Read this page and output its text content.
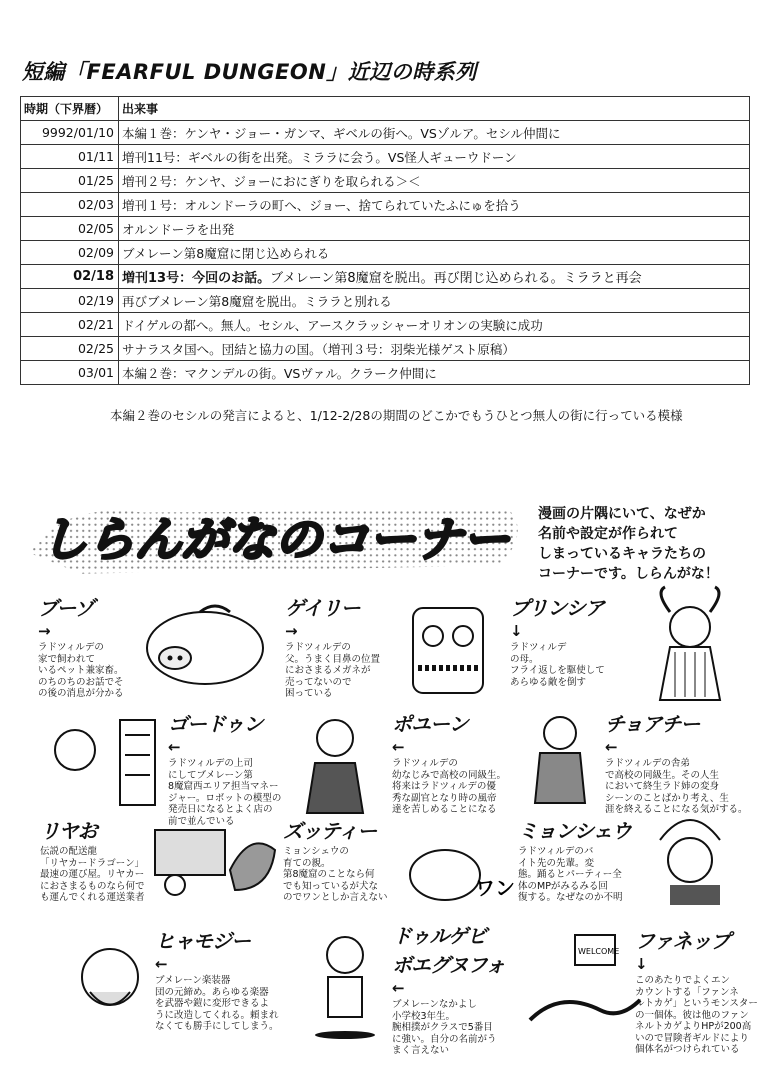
短編「FEARFUL DUNGEON」近辺の時系列
時期（下界暦）	出来事
9992/01/10	本編１巻：ケンヤ・ジョー・ガンマ、ギベルの街へ。VSゾルア。セシル仲間に
01/11	増刊11号：ギベルの街を出発。ミララに会う。VS怪人ギューウドーン
01/25	増刊２号：ケンヤ、ジョーにおにぎりを取られる＞＜
02/03	増刊１号：オルンドーラの町へ、ジョー、捨てられていたふにゅを拾う
02/05	オルンドーラを出発
02/09	ブメレーン第8魔窟に閉じ込められる
02/18	増刊13号：今回のお話。ブメレーン第8魔窟を脱出。再び閉じ込められる。ミララと再会
02/19	再びブメレーン第8魔窟を脱出。ミララと別れる
02/21	ドイゲルの都へ。無人。セシル、アースクラッシャーオリオンの実験に成功
02/25	サナラスタ国へ。団結と協力の国。（増刊３号：羽柴光様ゲスト原稿）
03/01	本編２巻：マクンデルの街。VSヴァル。クラーク仲間に
本編２巻のセシルの発言によると、1/12-2/28の期間のどこかでもうひとつ無人の街に行っている模様
しらんがなのコーナー 漫画の片隅にいて、なぜか
名前や設定が作られて
しまっているキャラたちの
コーナーです。しらんがな！
ワン
WELCOME
ブーゾ
→
ラドツィルデの
家で飼われて
いるペット兼家畜。
のちのちのお話でそ
の後の消息が分かる
ゲイリー
→
ラドツィルデの
父。うまく目鼻の位置
におさまるメガネが
売ってないので
困っている
プリンシア
↓
ラドツィルデ
の母。
フライ返しを駆使して
あらゆる敵を倒す
ゴードゥン
←
ラドツィルデの上司
にしてブメレーン第
8魔窟西エリア担当マネー
ジャー。ロボットの模型の
発売日になるとよく店の
前で並んでいる
ポユーン
←
ラドツィルデの
幼なじみで高校の同級生。
将来はラドツィルデの優
秀な副官となり時の風帝
達を苦しめることになる
チョアチー
←
ラドツィルデの舎弟
で高校の同級生。その人生
において終生ラド姉の変身
シーンのことばかり考え、生
涯を終えることになる気がする。
リヤお
伝説の配送龍
「リヤカードラゴーン」
最速の運び屋。リヤカー
におさまるものなら何で
も運んでくれる運送業者
ズッティー
ミョンシェウの
育ての親。
第8魔窟のことなら何
でも知っているが犬な
のでワンとしか言えない
ミョンシェウ
ラドツィルデのバ
イト先の先輩。変
態。踊るとパーティー全
体のMPがみるみる回
復する。なぜなのか不明
ヒャモジー
←
ブメレーン楽装器
団の元締め。あらゆる楽器
を武器や鎧に変形できるよ
うに改造してくれる。頼まれ
なくても勝手にしてしまう。
ドゥルゲビ
ボエグヌフォ
←
ブメレーンなかよし
小学校3年生。
腕相撲がクラスで5番目
に強い。自分の名前がう
まく言えない
ファネップ
↓
このあたりでよくエン
カウントする「ファンネ
ルトカゲ」というモンスター
の一個体。彼は他のファン
ネルトカゲよりHPが200高
いので冒険者ギルドにより
個体名がつけられている
